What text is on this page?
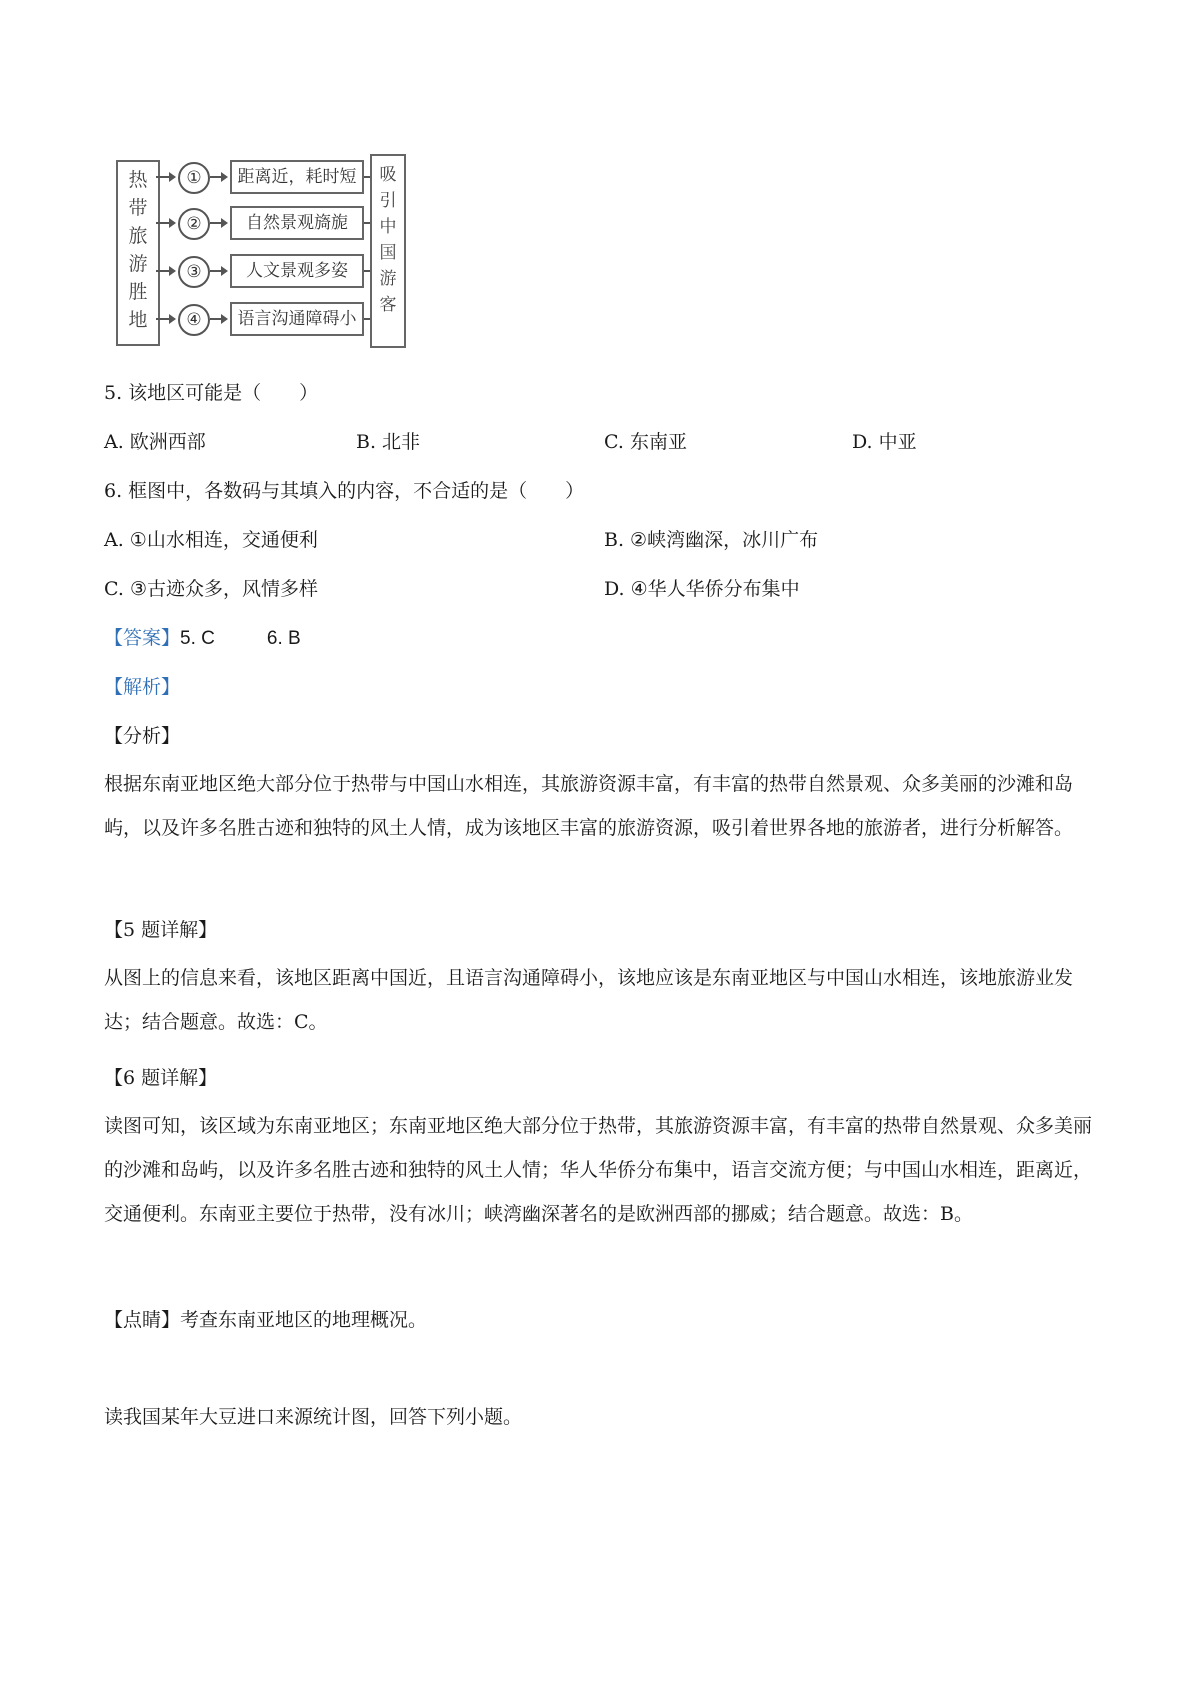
热
带
旅
游
胜
地
①	距离近，耗时短
②	自然景观旖旎
③	人文景观多姿
④	语言沟通障碍小
吸
引
中
国
游
客
5. 该地区可能是（　　）
A. 欧洲西部	B. 北非	C. 东南亚	D. 中亚
6. 框图中，各数码与其填入的内容，不合适的是（　　）
A. ①山水相连，交通便利	B. ②峡湾幽深，冰川广布
C. ③古迹众多，风情多样	D. ④华人华侨分布集中
【答案】5. C	6. B
【解析】
【分析】
根据东南亚地区绝大部分位于热带与中国山水相连，其旅游资源丰富，有丰富的热带自然景观、众多美丽的沙滩和岛屿，以及许多名胜古迹和独特的风土人情，成为该地区丰富的旅游资源，吸引着世界各地的旅游者，进行分析解答。
【5 题详解】
从图上的信息来看，该地区距离中国近，且语言沟通障碍小，该地应该是东南亚地区与中国山水相连，该地旅游业发达；结合题意。故选：C。
【6 题详解】
读图可知，该区域为东南亚地区；东南亚地区绝大部分位于热带，其旅游资源丰富，有丰富的热带自然景观、众多美丽的沙滩和岛屿，以及许多名胜古迹和独特的风土人情；华人华侨分布集中，语言交流方便；与中国山水相连，距离近，交通便利。东南亚主要位于热带，没有冰川；峡湾幽深著名的是欧洲西部的挪威；结合题意。故选：B。
【点睛】考查东南亚地区的地理概况。
读我国某年大豆进口来源统计图，回答下列小题。
